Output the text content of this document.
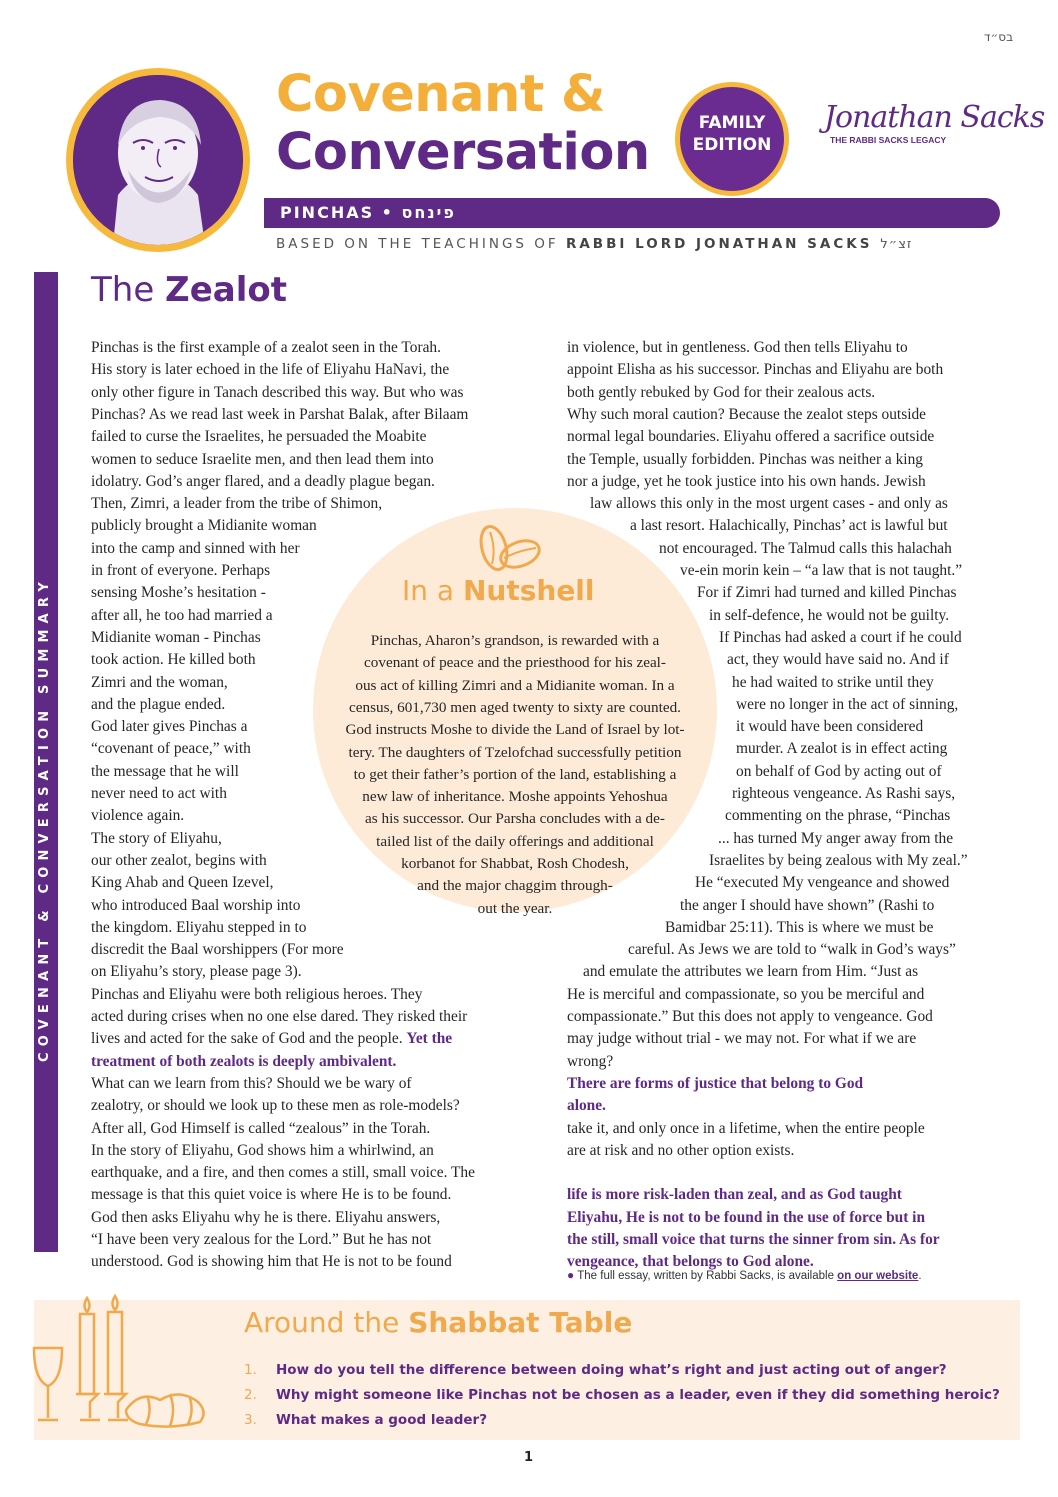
בס״ד
Covenant &
Conversation	FAMILY
EDITION
Jonathan Sacks
THE RABBI SACKS LEGACY
PINCHAS • פינחס
BASED ON THE TEACHINGS OF RABBI LORD JONATHAN SACKS זצ״ל
COVENANT & CONVERSATION SUMMARY
The Zealot
In a Nutshell
Pinchas is the first example of a zealot seen in the Torah.
His story is later echoed in the life of Eliyahu HaNavi, the
only other figure in Tanach described this way. But who was
Pinchas? As we read last week in Parshat Balak, after Bilaam
failed to curse the Israelites, he persuaded the Moabite
women to seduce Israelite men, and then lead them into
idolatry. God’s anger flared, and a deadly plague began.
Then, Zimri, a leader from the tribe of Shimon,
publicly brought a Midianite woman
into the camp and sinned with her
in front of everyone. Perhaps
sensing Moshe’s hesitation -
after all, he too had married a
Midianite woman - Pinchas
took action. He killed both
Zimri and the woman,
and the plague ended.
God later gives Pinchas a
“covenant of peace,” with
the message that he will
never need to act with
violence again.
The story of Eliyahu,
our other zealot, begins with
King Ahab and Queen Izevel,
who introduced Baal worship into
the kingdom. Eliyahu stepped in to
discredit the Baal worshippers (For more
on Eliyahu’s story, please page 3).
Pinchas and Eliyahu were both religious heroes. They
acted during crises when no one else dared. They risked their
lives and acted for the sake of God and the people. Yet the
treatment of both zealots is deeply ambivalent.
What can we learn from this? Should we be wary of
zealotry, or should we look up to these men as role-models?
After all, God Himself is called “zealous” in the Torah.
In the story of Eliyahu, God shows him a whirlwind, an
earthquake, and a fire, and then comes a still, small voice. The
message is that this quiet voice is where He is to be found.
God then asks Eliyahu why he is there. Eliyahu answers,
“I have been very zealous for the Lord.” But he has not
understood. God is showing him that He is not to be found
in violence, but in gentleness. God then tells Eliyahu to
appoint Elisha as his successor. Pinchas and Eliyahu are both
both gently rebuked by God for their zealous acts.
Why such moral caution? Because the zealot steps outside
normal legal boundaries. Eliyahu offered a sacrifice outside
the Temple, usually forbidden. Pinchas was neither a king
nor a judge, yet he took justice into his own hands. Jewish
law allows this only in the most urgent cases - and only as
a last resort. Halachically, Pinchas’ act is lawful but
not encouraged. The Talmud calls this halachah
ve-ein morin kein – “a law that is not taught.”
For if Zimri had turned and killed Pinchas
in self-defence, he would not be guilty.
If Pinchas had asked a court if he could
act, they would have said no. And if
he had waited to strike until they
were no longer in the act of sinning,
it would have been considered
murder. A zealot is in effect acting
on behalf of God by acting out of
righteous vengeance. As Rashi says,
commenting on the phrase, “Pinchas
... has turned My anger away from the
Israelites by being zealous with My zeal.”
He “executed My vengeance and showed
the anger I should have shown” (Rashi to
Bamidbar 25:11). This is where we must be
careful. As Jews we are told to “walk in God’s ways”
and emulate the attributes we learn from Him. “Just as
He is merciful and compassionate, so you be merciful and
compassionate.” But this does not apply to vengeance. God
may judge without trial - we may not. For what if we are
wrong?
There are forms of justice that belong to God
alone.
take it, and only once in a lifetime, when the entire people
are at risk and no other option exists.
life is more risk-laden than zeal, and as God taught
Eliyahu, He is not to be found in the use of force but in
the still, small voice that turns the sinner from sin. As for
vengeance, that belongs to God alone.
Pinchas, Aharon’s grandson, is rewarded with a
covenant of peace and the priesthood for his zeal-
ous act of killing Zimri and a Midianite woman. In a
census, 601,730 men aged twenty to sixty are counted.
God instructs Moshe to divide the Land of Israel by lot-
tery. The daughters of Tzelofchad successfully petition
to get their father’s portion of the land, establishing a
new law of inheritance. Moshe appoints Yehoshua
as his successor. Our Parsha concludes with a de-
tailed list of the daily offerings and additional
korbanot for Shabbat, Rosh Chodesh,
and the major chaggim through-
out the year.
● The full essay, written by Rabbi Sacks, is available on our website.
Around the Shabbat Table
1. How do you tell the difference between doing what’s right and just acting out of anger?
2. Why might someone like Pinchas not be chosen as a leader, even if they did something heroic?
3. What makes a good leader?
1
